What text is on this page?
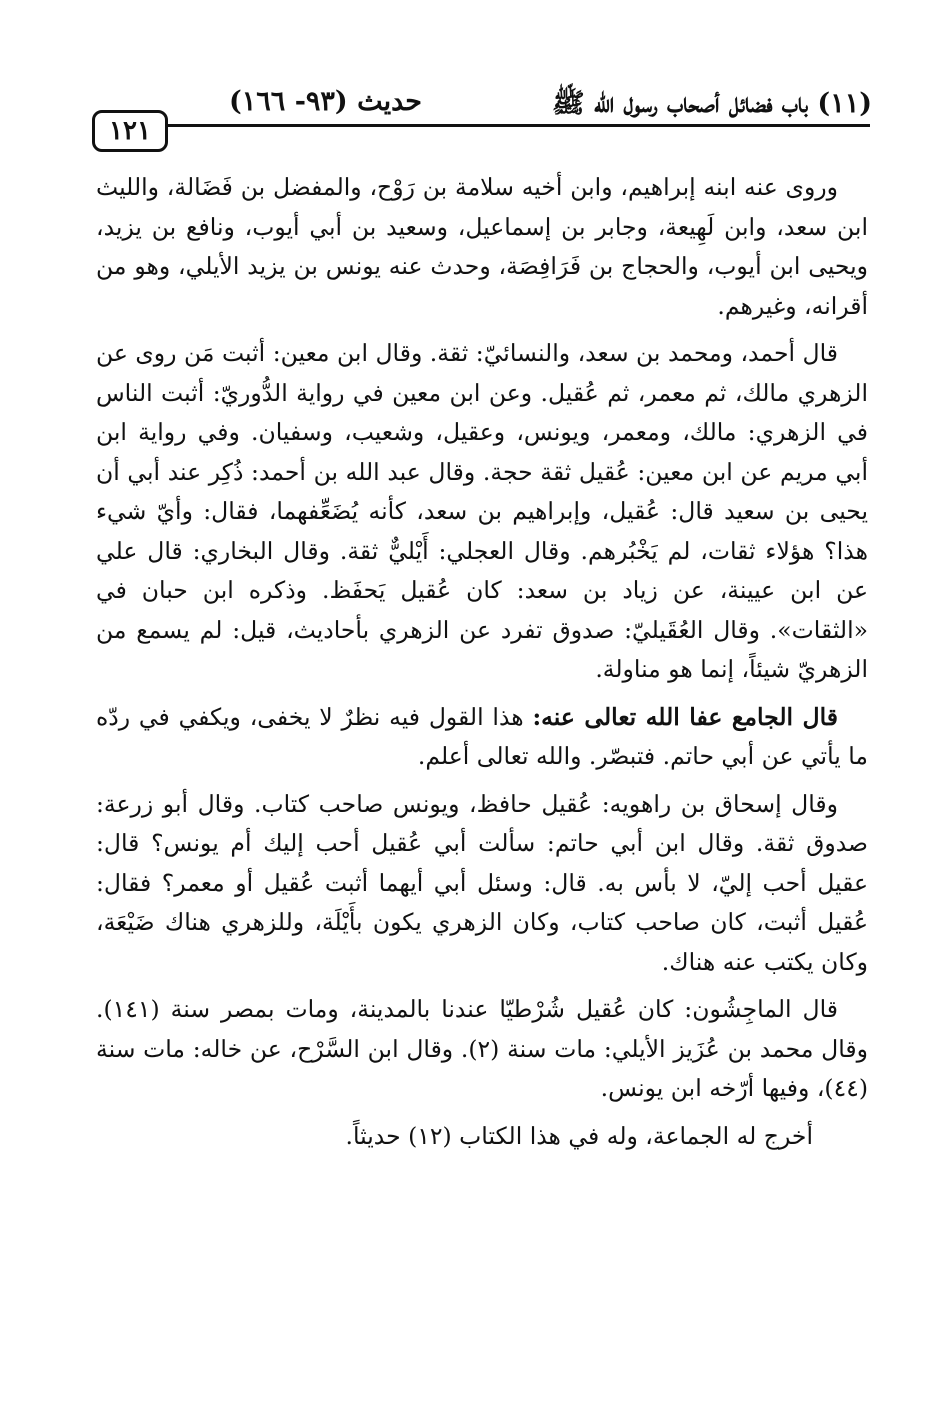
(١١) باب فضائل أصحاب رسول الله ﷺ
حديث (٩٣- ١٦٦)
١٢١

وروى عنه ابنه إبراهيم، وابن أخيه سلامة بن رَوْح، والمفضل بن فَضَالة، والليث ابن سعد، وابن لَهِيعة، وجابر بن إسماعيل، وسعيد بن أبي أيوب، ونافع بن يزيد، ويحيى ابن أيوب، والحجاج بن فَرَافِصَة، وحدث عنه يونس بن يزيد الأيلي، وهو من أقرانه، وغيرهم.

قال أحمد، ومحمد بن سعد، والنسائيّ: ثقة. وقال ابن معين: أثبت مَن روى عن الزهري مالك، ثم معمر، ثم عُقيل. وعن ابن معين في رواية الدُّوريّ: أثبت الناس في الزهري: مالك، ومعمر، ويونس، وعقيل، وشعيب، وسفيان. وفي رواية ابن أبي مريم عن ابن معين: عُقيل ثقة حجة. وقال عبد الله بن أحمد: ذُكِر عند أبي أن يحيى بن سعيد قال: عُقيل، وإبراهيم بن سعد، كأنه يُضَعِّفهما، فقال: وأيّ شيء هذا؟ هؤلاء ثقات، لم يَخْبُرهم. وقال العجلي: أَيْليٌّ ثقة. وقال البخاري: قال علي عن ابن عيينة، عن زياد بن سعد: كان عُقيل يَحفَظ. وذكره ابن حبان في «الثقات». وقال العُقَيليّ: صدوق تفرد عن الزهري بأحاديث، قيل: لم يسمع من الزهريّ شيئاً، إنما هو مناولة.

قال الجامع عفا الله تعالى عنه: هذا القول فيه نظرٌ لا يخفى، ويكفي في ردّه ما يأتي عن أبي حاتم. فتبصّر. والله تعالى أعلم.

وقال إسحاق بن راهويه: عُقيل حافظ، ويونس صاحب كتاب. وقال أبو زرعة: صدوق ثقة. وقال ابن أبي حاتم: سألت أبي عُقيل أحب إليك أم يونس؟ قال: عقيل أحب إليّ، لا بأس به. قال: وسئل أبي أيهما أثبت عُقيل أو معمر؟ فقال: عُقيل أثبت، كان صاحب كتاب، وكان الزهري يكون بأَيْلَة، وللزهري هناك ضَيْعَة، وكان يكتب عنه هناك.

قال الماجِشُون: كان عُقيل شُرْطيّا عندنا بالمدينة، ومات بمصر سنة (١٤١). وقال محمد بن عُزَيز الأيلي: مات سنة (٢). وقال ابن السَّرْح، عن خاله: مات سنة (٤٤)، وفيها أرّخه ابن يونس.

أخرج له الجماعة، وله في هذا الكتاب (١٢) حديثاً.
